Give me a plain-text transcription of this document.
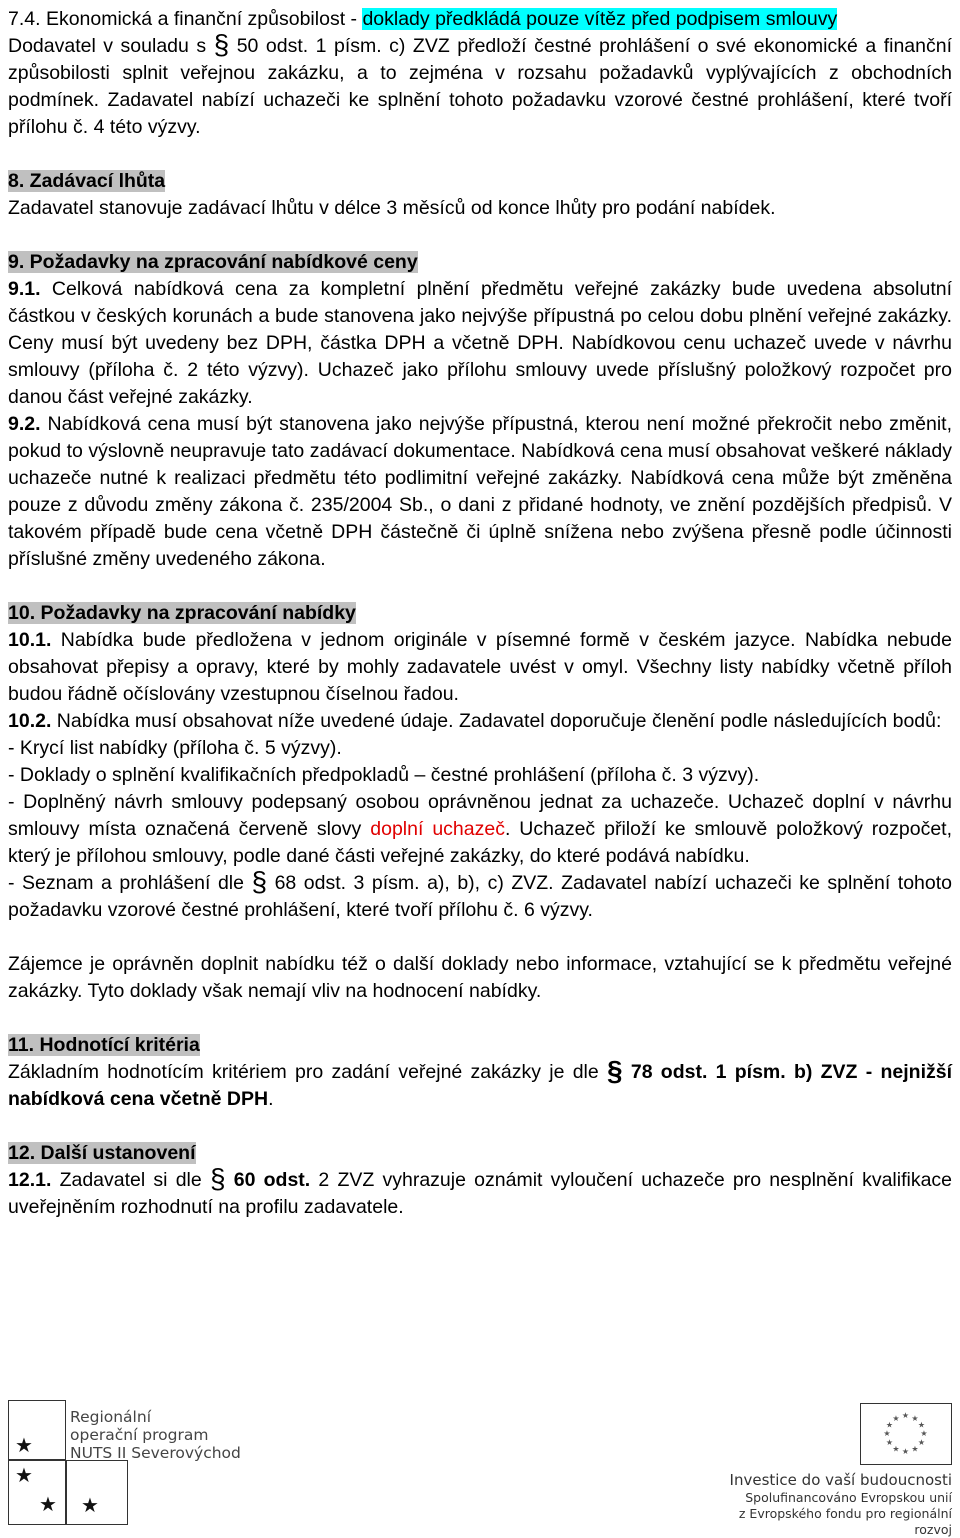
7.4. Ekonomická a finanční způsobilost - doklady předkládá pouze vítěz před podpisem smlouvy

Dodavatel v souladu s § 50 odst. 1 písm. c) ZVZ předloží čestné prohlášení o své ekonomické a finanční způsobilosti splnit veřejnou zakázku, a to zejména v rozsahu požadavků vyplývajících z obchodních podmínek. Zadavatel nabízí uchazeči ke splnění tohoto požadavku vzorové čestné prohlášení, které tvoří přílohu č. 4 této výzvy.

8. Zadávací lhůta

Zadavatel stanovuje zadávací lhůtu v délce 3 měsíců od konce lhůty pro podání nabídek.

9. Požadavky na zpracování nabídkové ceny

9.1. Celková nabídková cena za kompletní plnění předmětu veřejné zakázky bude uvedena absolutní částkou v českých korunách a bude stanovena jako nejvýše přípustná po celou dobu plnění veřejné zakázky. Ceny musí být uvedeny bez DPH, částka DPH a včetně DPH. Nabídkovou cenu uchazeč uvede v návrhu smlouvy (příloha č. 2 této výzvy). Uchazeč jako přílohu smlouvy uvede příslušný položkový rozpočet pro danou část veřejné zakázky.

9.2. Nabídková cena musí být stanovena jako nejvýše přípustná, kterou není možné překročit nebo změnit, pokud to výslovně neupravuje tato zadávací dokumentace. Nabídková cena musí obsahovat veškeré náklady uchazeče nutné k realizaci předmětu této podlimitní veřejné zakázky. Nabídková cena může být změněna pouze z důvodu změny zákona č. 235/2004 Sb., o dani z přidané hodnoty, ve znění pozdějších předpisů. V takovém případě bude cena včetně DPH částečně či úplně snížena nebo zvýšena přesně podle účinnosti příslušné změny uvedeného zákona.

10. Požadavky na zpracování nabídky

10.1. Nabídka bude předložena v jednom originále v písemné formě v českém jazyce. Nabídka nebude obsahovat přepisy a opravy, které by mohly zadavatele uvést v omyl. Všechny listy nabídky včetně příloh budou řádně očíslovány vzestupnou číselnou řadou.

10.2. Nabídka musí obsahovat níže uvedené údaje. Zadavatel doporučuje členění podle následujících bodů:

- Krycí list nabídky (příloha č. 5 výzvy).

- Doklady o splnění kvalifikačních předpokladů – čestné prohlášení (příloha č. 3 výzvy).

- Doplněný návrh smlouvy podepsaný osobou oprávněnou jednat za uchazeče. Uchazeč doplní v návrhu smlouvy místa označená červeně slovy doplní uchazeč. Uchazeč přiloží ke smlouvě položkový rozpočet, který je přílohou smlouvy, podle dané části veřejné zakázky, do které podává nabídku.

- Seznam a prohlášení dle § 68 odst. 3 písm. a), b), c) ZVZ. Zadavatel nabízí uchazeči ke splnění tohoto požadavku vzorové čestné prohlášení, které tvoří přílohu č. 6 výzvy.

Zájemce je oprávněn doplnit nabídku též o další doklady nebo informace, vztahující se k předmětu veřejné zakázky. Tyto doklady však nemají vliv na hodnocení nabídky.

11. Hodnotící kritéria

Základním hodnotícím kritériem pro zadání veřejné zakázky je dle § 78 odst. 1 písm. b) ZVZ - nejnižší nabídková cena včetně DPH.

12. Další ustanovení

12.1. Zadavatel si dle § 60 odst. 2 ZVZ vyhrazuje oznámit vyloučení uchazeče pro nesplnění kvalifikace uveřejněním rozhodnutí na profilu zadavatele.

★
★
★ ★
Regionální
operační program
NUTS II Severovýchod
★ ★
★
★
★
★
★
★
★
★
★
★
Investice do vaší budoucnosti
Spolufinancováno Evropskou unií
z Evropského fondu pro regionální rozvoj
